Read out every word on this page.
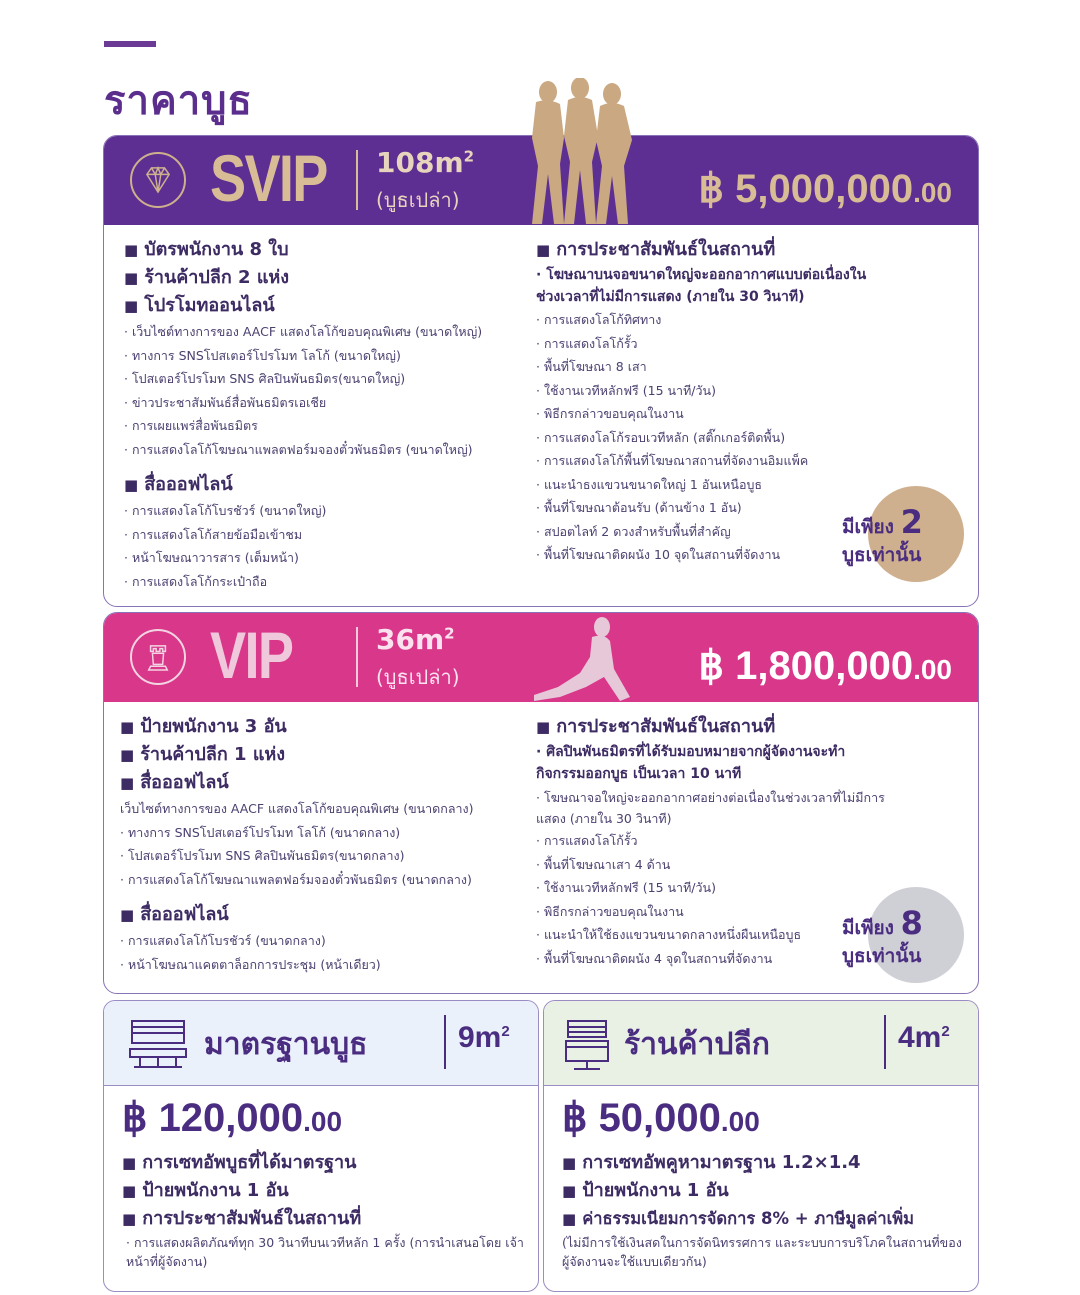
ราคาบูธ
SVIP $108m^2$
(บูธเปล่า)	฿ 5,000,000.00
■ บัตรพนักงาน 8 ใบ
■ ร้านค้าปลีก 2 แห่ง
■ โปรโมทออนไลน์
· เว็บไซต์ทางการของ AACF แสดงโลโก้ขอบคุณพิเศษ (ขนาดใหญ่)
· ทางการ SNSโปสเตอร์โปรโมท โลโก้ (ขนาดใหญ่)
· โปสเตอร์โปรโมท SNS ศิลปินพันธมิตร(ขนาดใหญ่)
· ข่าวประชาสัมพันธ์สื่อพันธมิตรเอเชีย
· การเผยแพร่สื่อพันธมิตร
· การแสดงโลโก้โฆษณาแพลตฟอร์มจองตั๋วพันธมิตร (ขนาดใหญ่)
■ สื่อออฟไลน์
· การแสดงโลโก้โบรชัวร์ (ขนาดใหญ่)
· การแสดงโลโก้สายข้อมือเข้าชม
· หน้าโฆษณาวารสาร (เต็มหน้า)
· การแสดงโลโก้กระเป๋าถือ
■ การประชาสัมพันธ์ในสถานที่
· โฆษณาบนจอขนาดใหญ่จะออกอากาศแบบต่อเนื่องใน
ช่วงเวลาที่ไม่มีการแสดง (ภายใน 30 วินาที)
· การแสดงโลโก้ทิศทาง
· การแสดงโลโก้รั้ว
· พื้นที่โฆษณา 8 เสา
· ใช้งานเวทีหลักฟรี (15 นาที/วัน)
· พิธีกรกล่าวขอบคุณในงาน
· การแสดงโลโก้รอบเวทีหลัก (สติ๊กเกอร์ติดพื้น)
· การแสดงโลโก้พื้นที่โฆษณาสถานที่จัดงานอิมแพ็ค
· แนะนำธงแขวนขนาดใหญ่ 1 อันเหนือบูธ
· พื้นที่โฆษณาต้อนรับ (ด้านข้าง 1 อัน)
· สปอตไลท์ 2 ดวงสำหรับพื้นที่สำคัญ
· พื้นที่โฆษณาติดผนัง 10 จุดในสถานที่จัดงาน
มีเพียง 2
บูธเท่านั้น
VIP	$36m^2$
(บูธเปล่า)	฿ 1,800,000.00
■ ป้ายพนักงาน 3 อัน
■ ร้านค้าปลีก 1 แห่ง
■ สื่อออฟไลน์
เว็บไซต์ทางการของ AACF แสดงโลโก้ขอบคุณพิเศษ (ขนาดกลาง)
· ทางการ SNSโปสเตอร์โปรโมท โลโก้ (ขนาดกลาง)
· โปสเตอร์โปรโมท SNS ศิลปินพันธมิตร(ขนาดกลาง)
· การแสดงโลโก้โฆษณาแพลตฟอร์มจองตั๋วพันธมิตร (ขนาดกลาง)
■ สื่อออฟไลน์
· การแสดงโลโก้โบรชัวร์ (ขนาดกลาง)
· หน้าโฆษณาแคตตาล็อกการประชุม (หน้าเดียว)
■ การประชาสัมพันธ์ในสถานที่
· ศิลปินพันธมิตรที่ได้รับมอบหมายจากผู้จัดงานจะทำ
กิจกรรมออกบูธ เป็นเวลา 10 นาที
· โฆษณาจอใหญ่จะออกอากาศอย่างต่อเนื่องในช่วงเวลาที่ไม่มีการ
แสดง (ภายใน 30 วินาที)
· การแสดงโลโก้รั้ว
· พื้นที่โฆษณาเสา 4 ด้าน
· ใช้งานเวทีหลักฟรี (15 นาที/วัน)
· พิธีกรกล่าวขอบคุณในงาน
· แนะนำให้ใช้ธงแขวนขนาดกลางหนึ่งผืนเหนือบูธ
· พื้นที่โฆษณาติดผนัง 4 จุดในสถานที่จัดงาน
มีเพียง 8
บูธเท่านั้น
มาตรฐานบูธ	$9m^2$
฿ 120,000.00
■ การเซทอัพบูธที่ได้มาตรฐาน
■ ป้ายพนักงาน 1 อัน
■ การประชาสัมพันธ์ในสถานที่
· การแสดงผลิตภัณฑ์ทุก 30 วินาทีบนเวทีหลัก 1 ครั้ง (การนำเสนอโดย เจ้าหน้าที่ผู้จัดงาน)
ร้านค้าปลีก	$4m^2$
฿ 50,000.00
■ การเซทอัพคูหามาตรฐาน 1.2×1.4
■ ป้ายพนักงาน 1 อัน
■ ค่าธรรมเนียมการจัดการ 8% + ภาษีมูลค่าเพิ่ม
(ไม่มีการใช้เงินสดในการจัดนิทรรศการ และระบบการบริโภคในสถานที่ของ ผู้จัดงานจะใช้แบบเดียวกัน)
